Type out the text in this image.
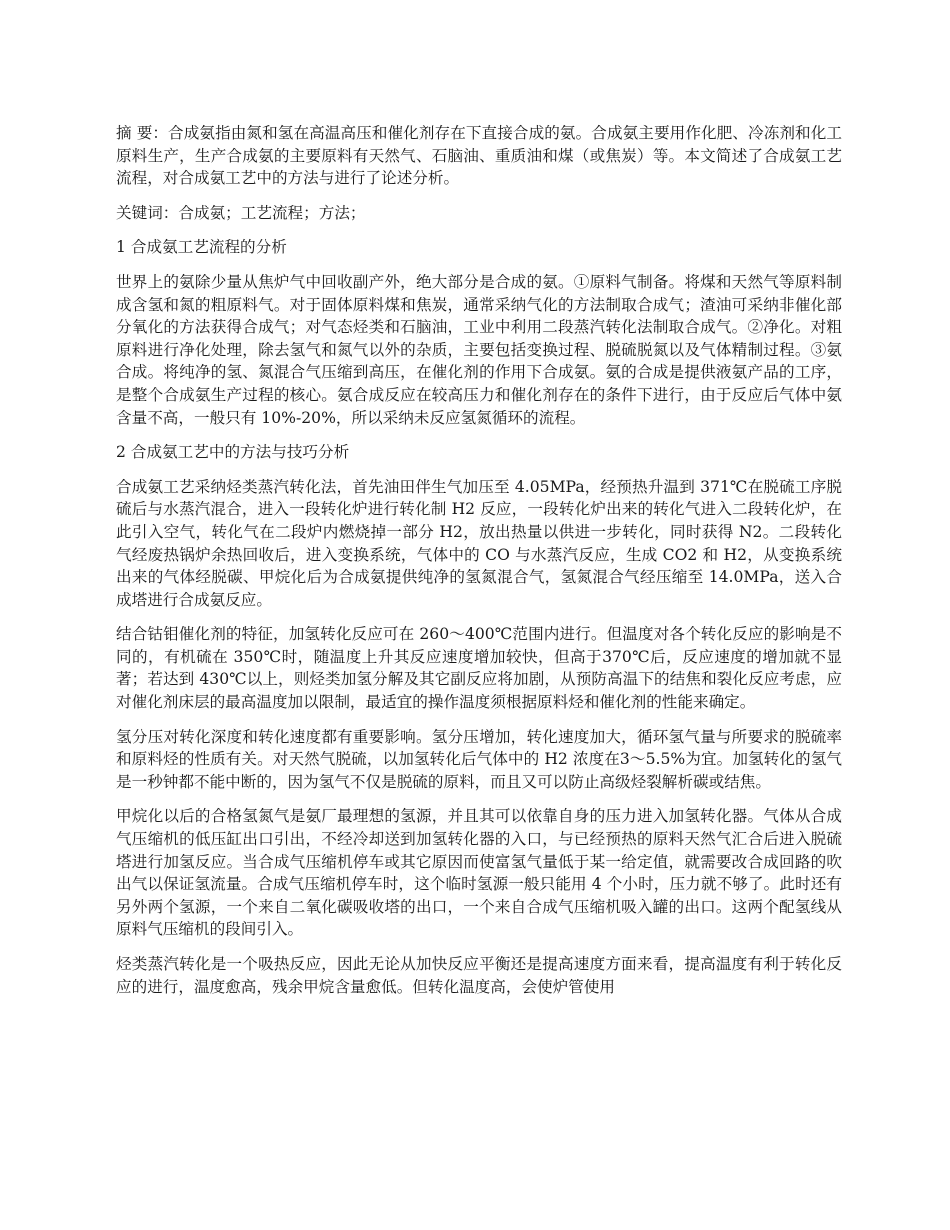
摘 要：合成氨指由氮和氢在高温高压和催化剂存在下直接合成的氨。合成氨主要用作化肥、冷冻剂和化工原料生产，生产合成氨的主要原料有天然气、石脑油、重质油和煤（或焦炭）等。本文简述了合成氨工艺流程，对合成氨工艺中的方法与进行了论述分析。

关键词：合成氨；工艺流程；方法；

1 合成氨工艺流程的分析

世界上的氨除少量从焦炉气中回收副产外，绝大部分是合成的氨。①原料气制备。将煤和天然气等原料制成含氢和氮的粗原料气。对于固体原料煤和焦炭，通常采纳气化的方法制取合成气；渣油可采纳非催化部分氧化的方法获得合成气；对气态烃类和石脑油，工业中利用二段蒸汽转化法制取合成气。②净化。对粗原料进行净化处理，除去氢气和氮气以外的杂质，主要包括变换过程、脱硫脱氮以及气体精制过程。③氨合成。将纯净的氢、氮混合气压缩到高压，在催化剂的作用下合成氨。氨的合成是提供液氨产品的工序，是整个合成氨生产过程的核心。氨合成反应在较高压力和催化剂存在的条件下进行，由于反应后气体中氨含量不高，一般只有 10%-20%，所以采纳未反应氢氮循环的流程。

2 合成氨工艺中的方法与技巧分析

合成氨工艺采纳烃类蒸汽转化法，首先油田伴生气加压至 4.05MPa，经预热升温到 371℃在脱硫工序脱硫后与水蒸汽混合，进入一段转化炉进行转化制 H2 反应，一段转化炉出来的转化气进入二段转化炉，在此引入空气，转化气在二段炉内燃烧掉一部分 H2，放出热量以供进一步转化，同时获得 N2。二段转化气经废热锅炉余热回收后，进入变换系统，气体中的 CO 与水蒸汽反应，生成 CO2 和 H2，从变换系统出来的气体经脱碳、甲烷化后为合成氨提供纯净的氢氮混合气，氢氮混合气经压缩至 14.0MPa，送入合成塔进行合成氨反应。

结合钴钼催化剂的特征，加氢转化反应可在 260～400℃范围内进行。但温度对各个转化反应的影响是不同的，有机硫在 350℃时，随温度上升其反应速度增加较快，但高于370℃后，反应速度的增加就不显著；若达到 430℃以上，则烃类加氢分解及其它副反应将加剧，从预防高温下的结焦和裂化反应考虑，应对催化剂床层的最高温度加以限制，最适宜的操作温度须根据原料烃和催化剂的性能来确定。

氢分压对转化深度和转化速度都有重要影响。氢分压增加，转化速度加大，循环氢气量与所要求的脱硫率和原料烃的性质有关。对天然气脱硫，以加氢转化后气体中的 H2 浓度在3～5.5%为宜。加氢转化的氢气是一秒钟都不能中断的，因为氢气不仅是脱硫的原料，而且又可以防止高级烃裂解析碳或结焦。

甲烷化以后的合格氢氮气是氨厂最理想的氢源，并且其可以依靠自身的压力进入加氢转化器。气体从合成气压缩机的低压缸出口引出，不经冷却送到加氢转化器的入口，与已经预热的原料天然气汇合后进入脱硫塔进行加氢反应。当合成气压缩机停车或其它原因而使富氢气量低于某一给定值，就需要改合成回路的吹出气以保证氢流量。合成气压缩机停车时，这个临时氢源一般只能用 4 个小时，压力就不够了。此时还有另外两个氢源，一个来自二氧化碳吸收塔的出口，一个来自合成气压缩机吸入罐的出口。这两个配氢线从原料气压缩机的段间引入。

烃类蒸汽转化是一个吸热反应，因此无论从加快反应平衡还是提高速度方面来看，提高温度有利于转化反应的进行，温度愈高，残余甲烷含量愈低。但转化温度高，会使炉管使用
